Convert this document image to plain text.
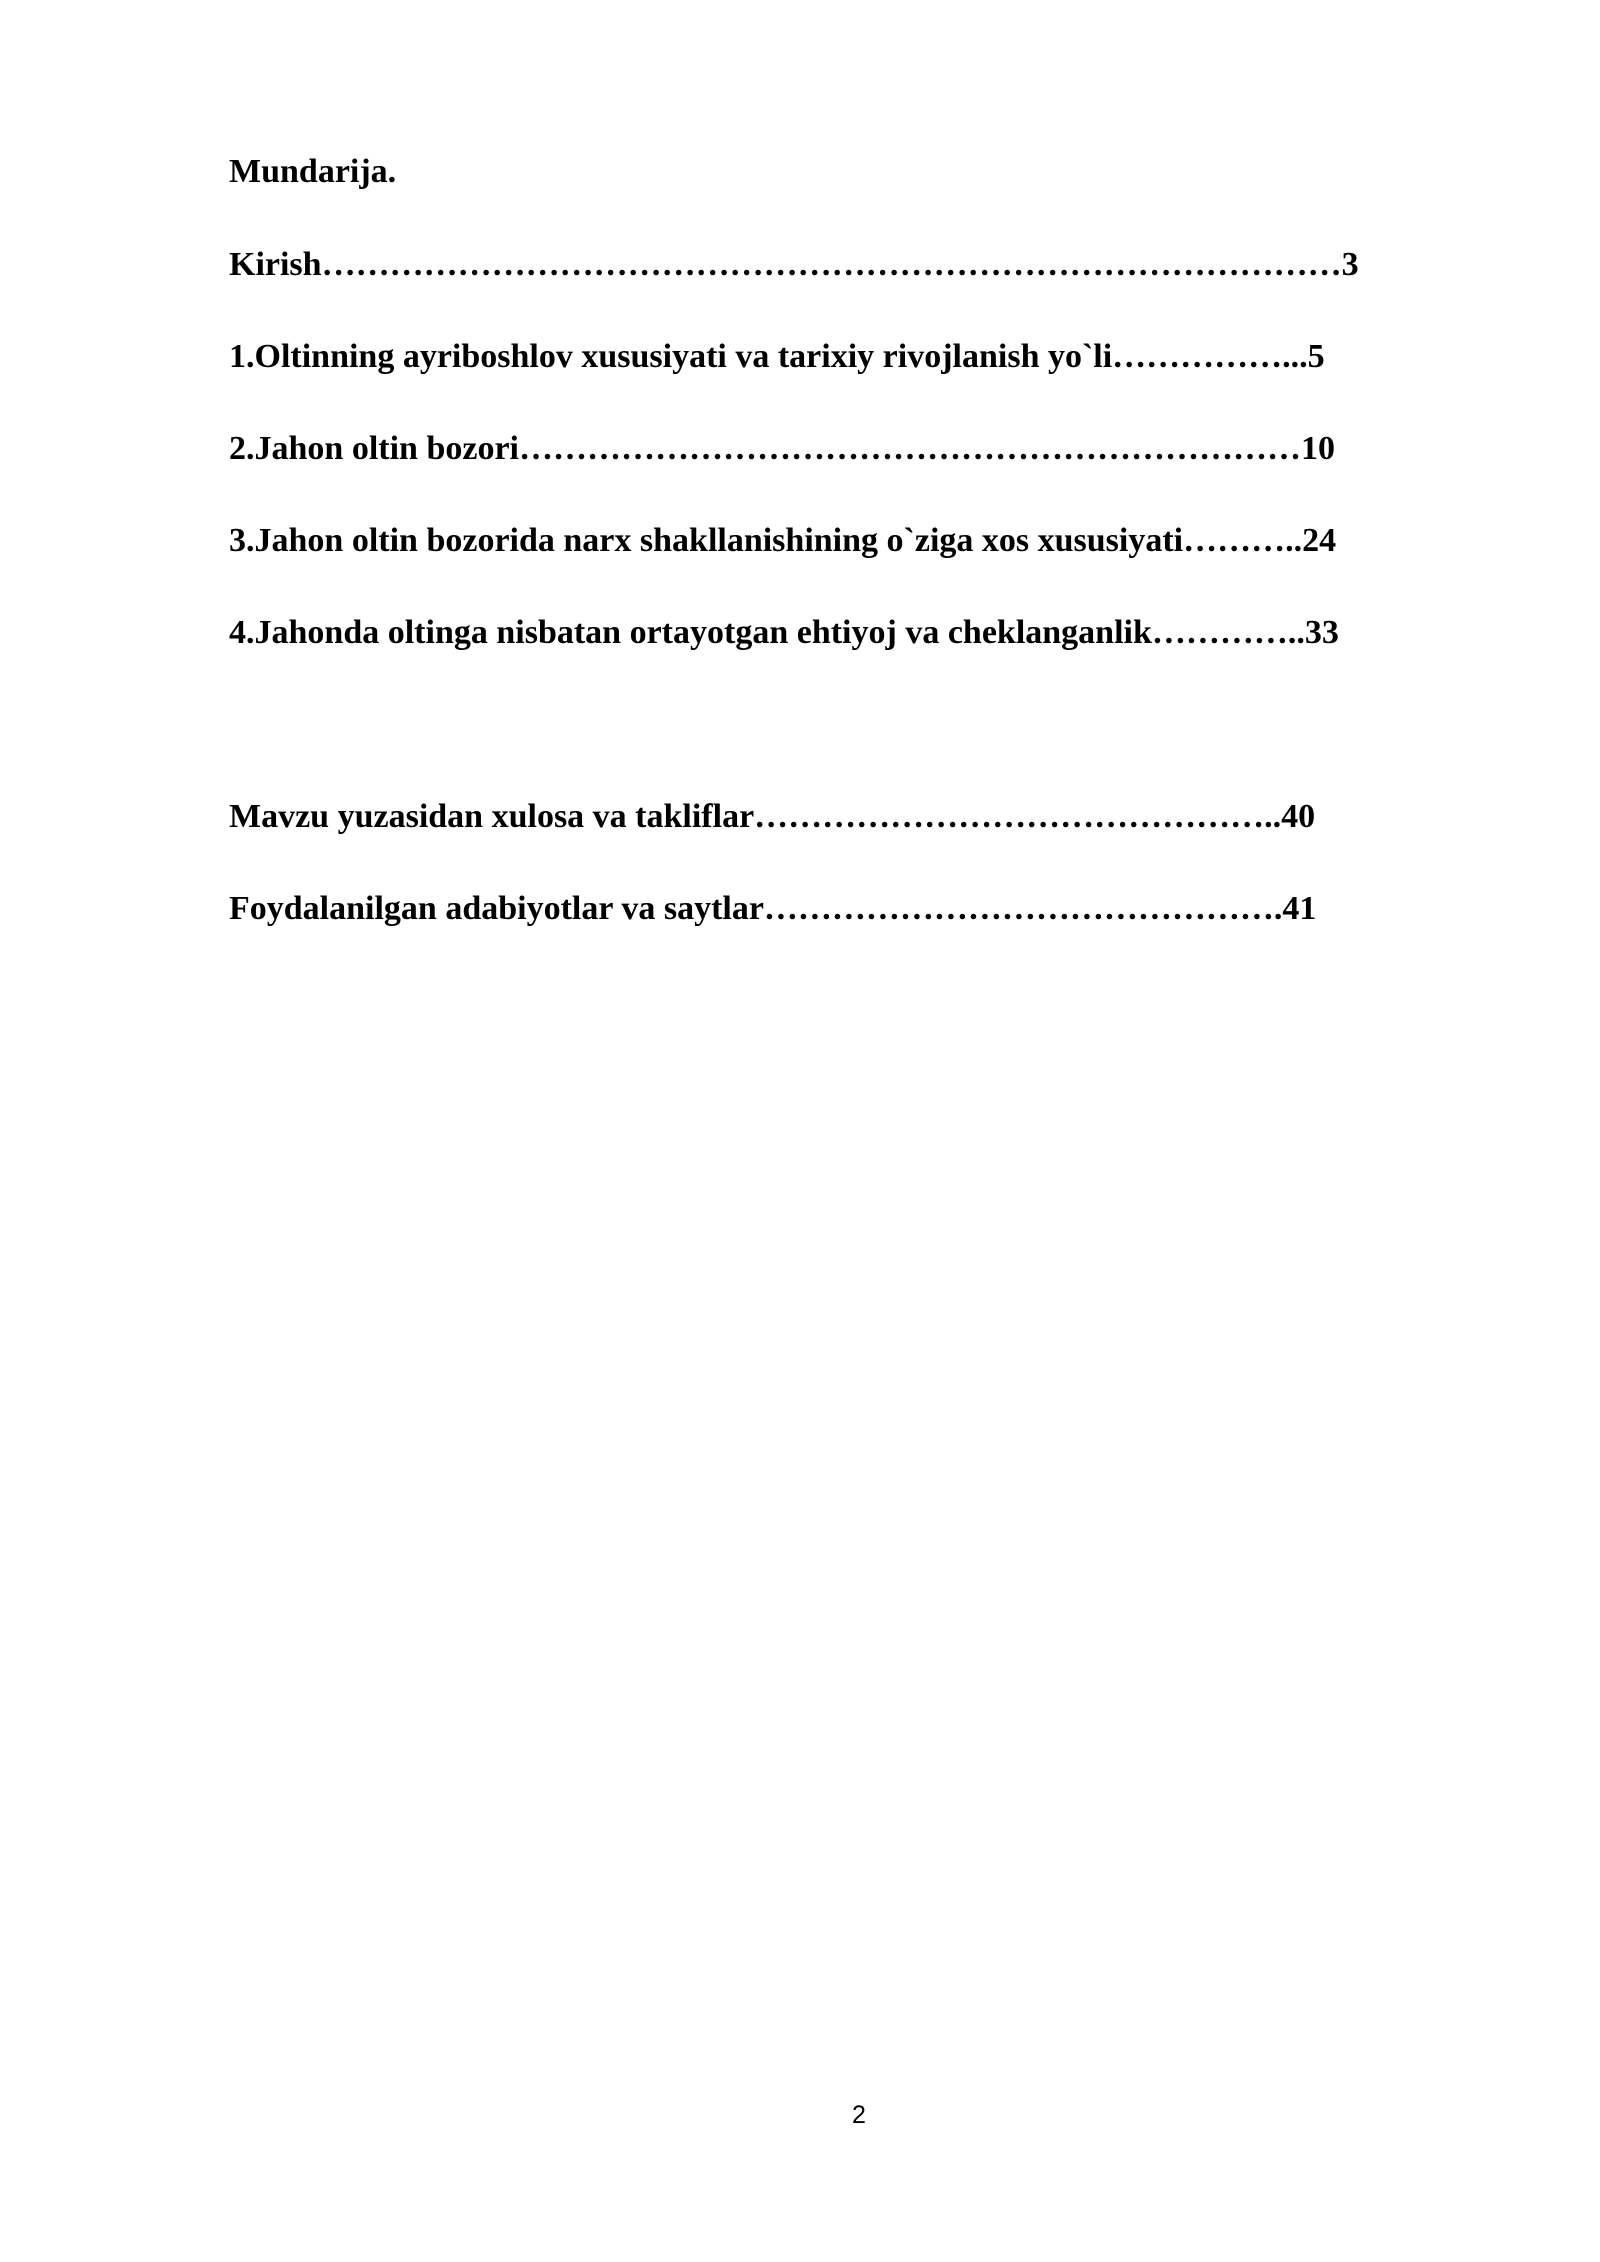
Mundarija.

Kirish………………………………………………………………………………3

1.Oltinning ayriboshlov xususiyati va tarixiy rivojlanish yo`li……………...5

2.Jahon oltin bozori……………………………………………………………10

3.Jahon oltin bozorida narx shakllanishining o`ziga xos xususiyati………..24

4.Jahonda oltinga nisbatan ortayotgan ehtiyoj va cheklanganlik…………..33

Mavzu yuzasidan xulosa va takliflar………………………………………..40

Foydalanilgan adabiyotlar va saytlar……………………………………….41

2
